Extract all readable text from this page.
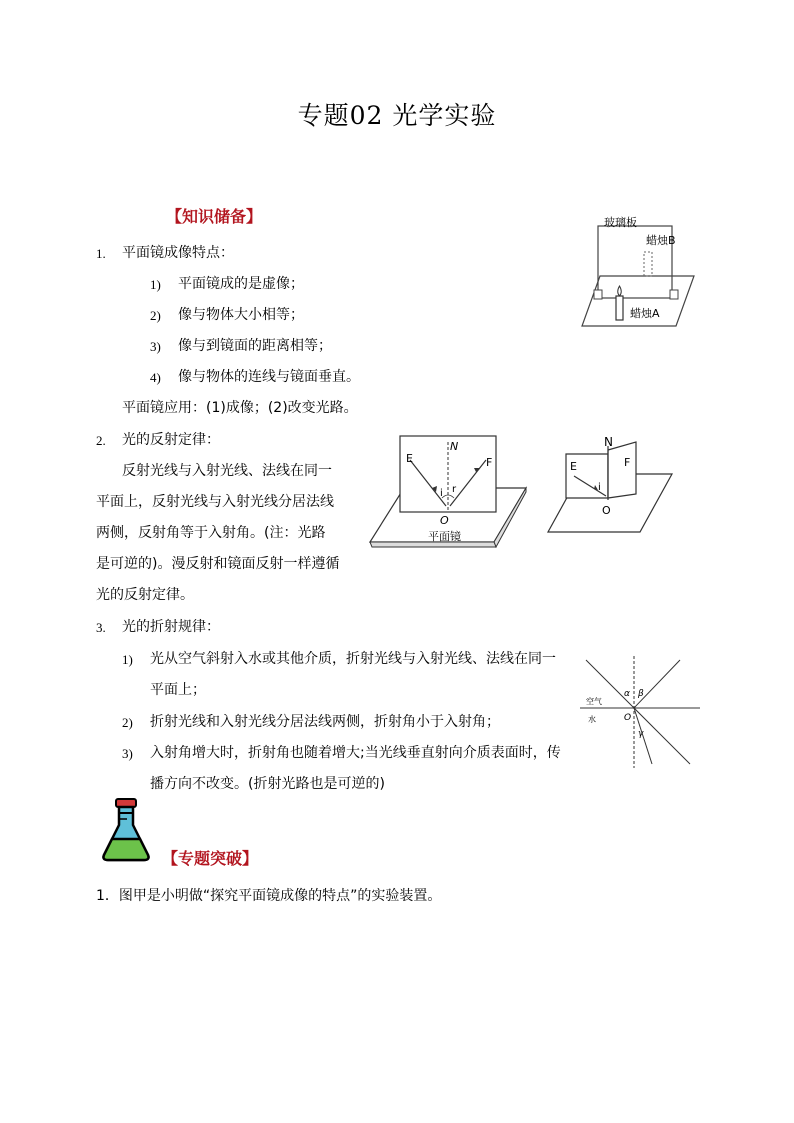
专题02 光学实验
【知识储备】
1. 平面镜成像特点：
1) 平面镜成的是虚像；
2) 像与物体大小相等；
3) 像与到镜面的距离相等；
4) 像与物体的连线与镜面垂直。
平面镜应用：(1)成像；(2)改变光路。
2. 光的反射定律：
反射光线与入射光线、法线在同一
平面上，反射光线与入射光线分居法线
两侧，反射角等于入射角。(注：光路
是可逆的)。漫反射和镜面反射一样遵循
光的反射定律。
3. 光的折射规律：
1) 光从空气斜射入水或其他介质，折射光线与入射光线、法线在同一
平面上；
2) 折射光线和入射光线分居法线两侧，折射角小于入射角；
3) 入射角增大时，折射角也随着增大;当光线垂直射向介质表面时，传
播方向不改变。(折射光路也是可逆的)
【专题突破】
1．图甲是小明做“探究平面镜成像的特点”的实验装置。
玻璃板
蜡烛B
蜡烛A
N
E	F
i r
O
平面镜
N
E	F
i
O
空气
水
α β
O
γ
